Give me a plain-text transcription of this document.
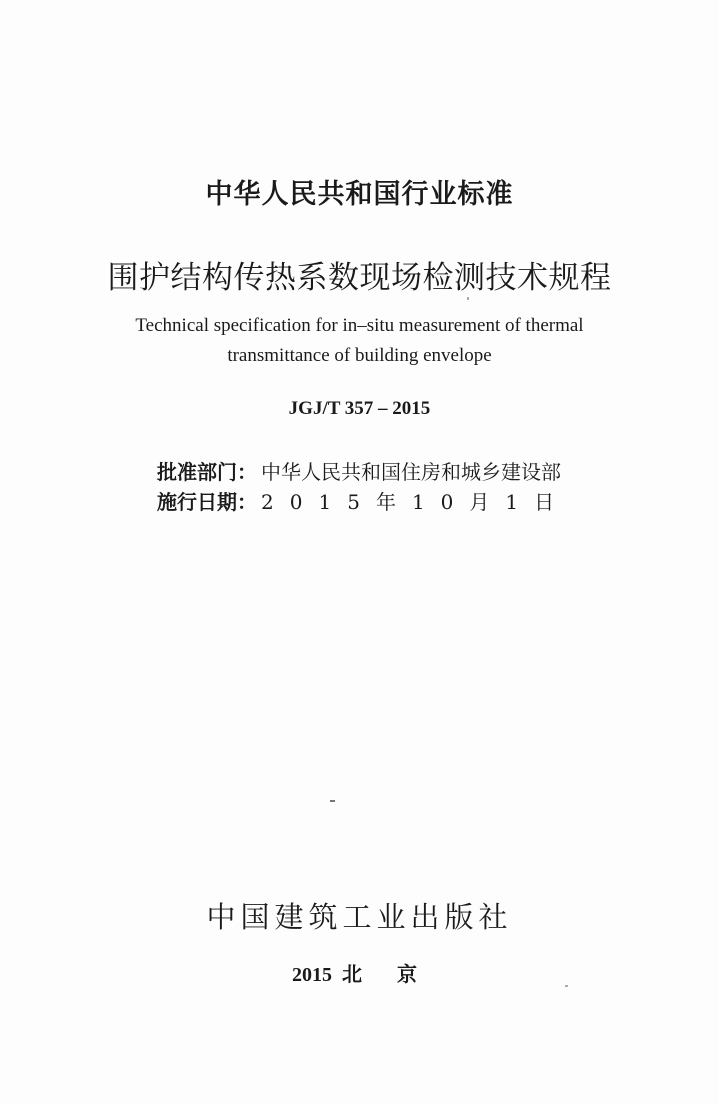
中华人民共和国行业标准
围护结构传热系数现场检测技术规程
Technical specification for in–situ measurement of thermal
transmittance of building envelope
JGJ/T 357 – 2015
批准部门： 中华人民共和国住房和城乡建设部
施行日期： 2 0 1 5 年 1 0 月 1 日
中国建筑工业出版社
2015 北 京
